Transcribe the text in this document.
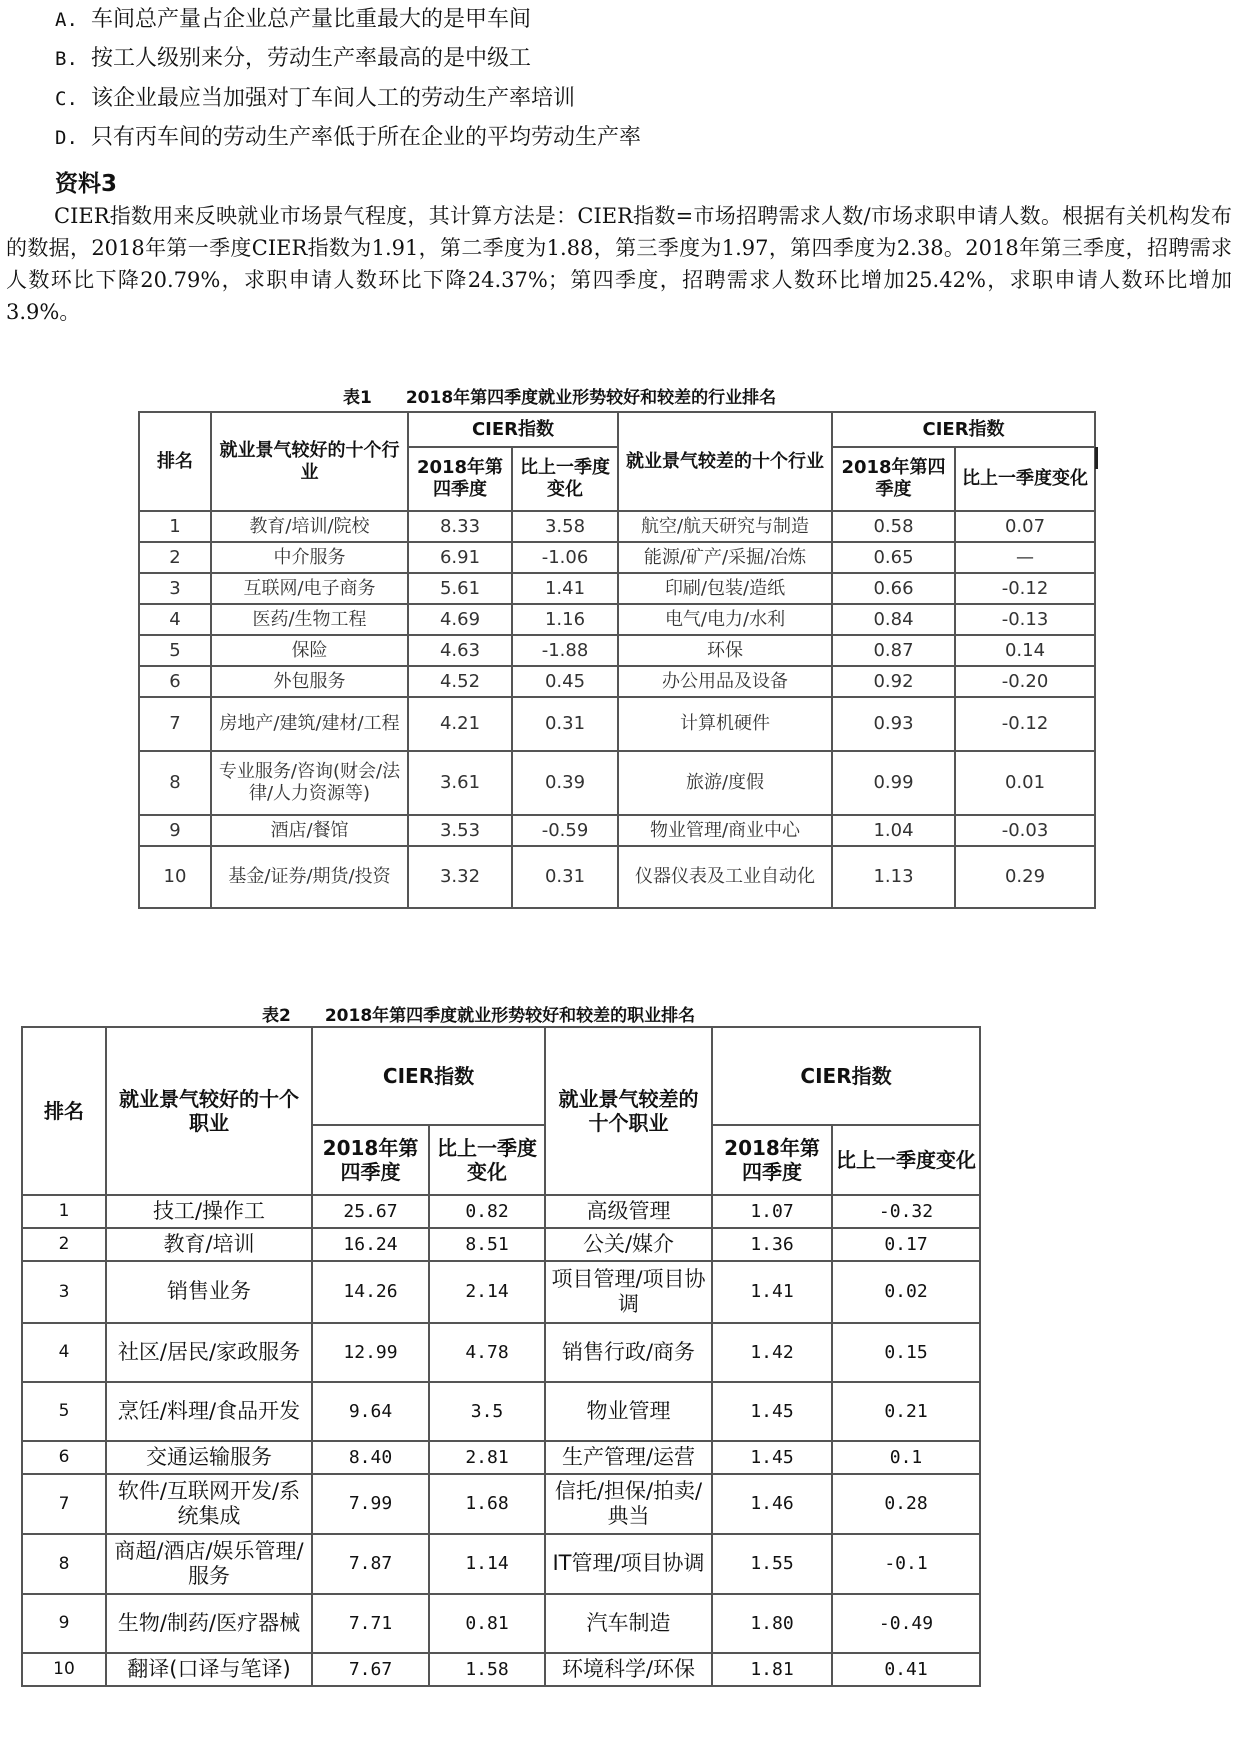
A. 车间总产量占企业总产量比重最大的是甲车间
B. 按工人级别来分，劳动生产率最高的是中级工
C. 该企业最应当加强对丁车间人工的劳动生产率培训
D. 只有丙车间的劳动生产率低于所在企业的平均劳动生产率
资料3
CIER指数用来反映就业市场景气程度，其计算方法是：CIER指数=市场招聘需求人数/市场求职申请人数。根据有关机构发布的数据，2018年第一季度CIER指数为1.91，第二季度为1.88，第三季度为1.97，第四季度为2.38。2018年第三季度，招聘需求人数环比下降20.79%，求职申请人数环比下降24.37%；第四季度，招聘需求人数环比增加25.42%，求职申请人数环比增加3.9%。
表1　　2018年第四季度就业形势较好和较差的行业排名
排名	就业景气较好的十个行业	CIER指数		就业景气较差的十个行业	CIER指数	
		2018年第四季度	比上一季度变化		2018年第四季度	比上一季度变化
1	教育/培训/院校	8.33	3.58	航空/航天研究与制造	0.58	0.07
2	中介服务	6.91	-1.06	能源/矿产/采掘/冶炼	0.65	—
3	互联网/电子商务	5.61	1.41	印刷/包装/造纸	0.66	-0.12
4	医药/生物工程	4.69	1.16	电气/电力/水利	0.84	-0.13
5	保险	4.63	-1.88	环保	0.87	0.14
6	外包服务	4.52	0.45	办公用品及设备	0.92	-0.20
7	房地产/建筑/建材/工程	4.21	0.31	计算机硬件	0.93	-0.12
8	专业服务/咨询(财会/法律/人力资源等)	3.61	0.39	旅游/度假	0.99	0.01
9	酒店/餐馆	3.53	-0.59	物业管理/商业中心	1.04	-0.03
10	基金/证券/期货/投资	3.32	0.31	仪器仪表及工业自动化	1.13	0.29
表2　　2018年第四季度就业形势较好和较差的职业排名
排名	就业景气较好的十个职业	CIER指数		就业景气较差的十个职业	CIER指数	
		2018年第四季度	比上一季度变化		2018年第四季度	比上一季度变化
1	技工/操作工	25.67	0.82	高级管理	1.07	-0.32
2	教育/培训	16.24	8.51	公关/媒介	1.36	0.17
3	销售业务	14.26	2.14	项目管理/项目协调	1.41	0.02
4	社区/居民/家政服务	12.99	4.78	销售行政/商务	1.42	0.15
5	烹饪/料理/食品开发	9.64	3.5	物业管理	1.45	0.21
6	交通运输服务	8.40	2.81	生产管理/运营	1.45	0.1
7	软件/互联网开发/系统集成	7.99	1.68	信托/担保/拍卖/典当	1.46	0.28
8	商超/酒店/娱乐管理/服务	7.87	1.14	IT管理/项目协调	1.55	-0.1
9	生物/制药/医疗器械	7.71	0.81	汽车制造	1.80	-0.49
10	翻译(口译与笔译)	7.67	1.58	环境科学/环保	1.81	0.41
